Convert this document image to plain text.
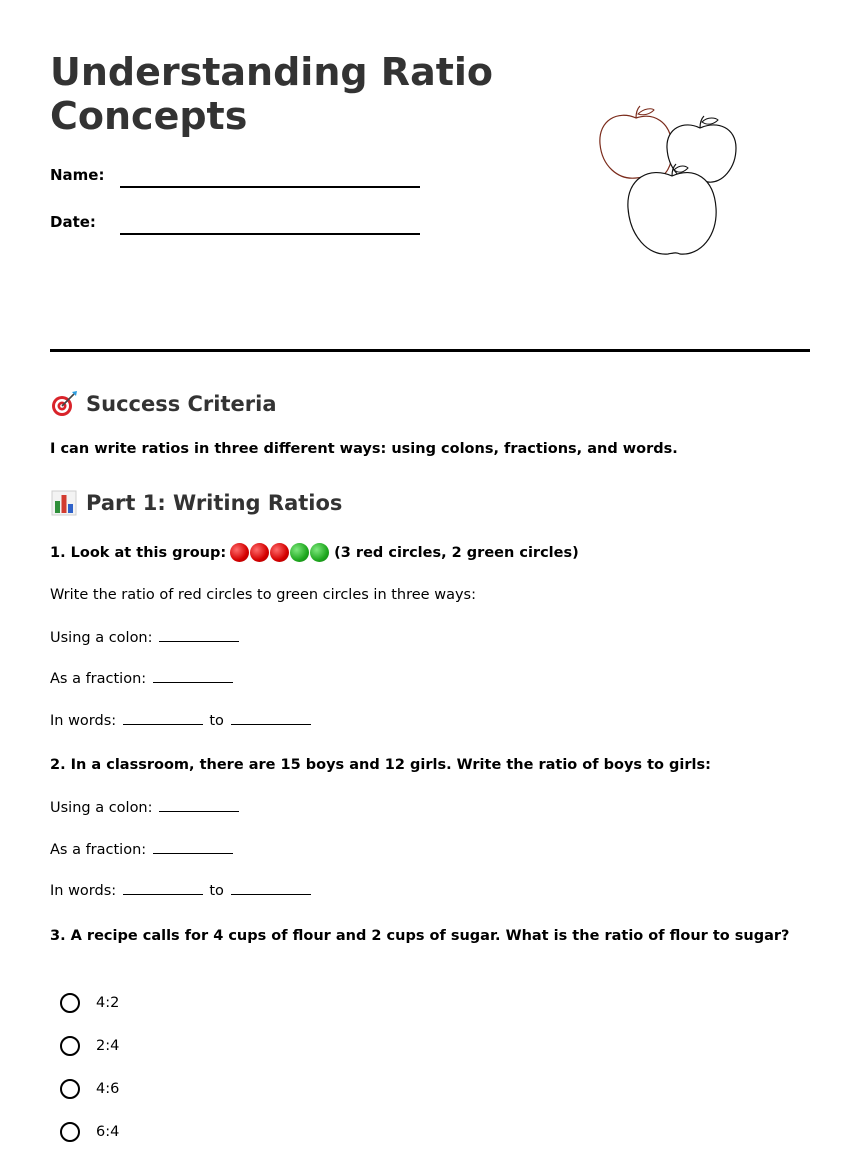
Understanding Ratio Concepts
Name:
Date:
Success Criteria
I can write ratios in three different ways: using colons, fractions, and words.
Part 1: Writing Ratios
1. Look at this group:	(3 red circles, 2 green circles)
Write the ratio of red circles to green circles in three ways:
Using a colon:
As a fraction:
In words:	to
2. In a classroom, there are 15 boys and 12 girls. Write the ratio of boys to girls:
Using a colon:
As a fraction:
In words:	to
3. A recipe calls for 4 cups of flour and 2 cups of sugar. What is the ratio of flour to sugar?
4:2
2:4
4:6
6:4
